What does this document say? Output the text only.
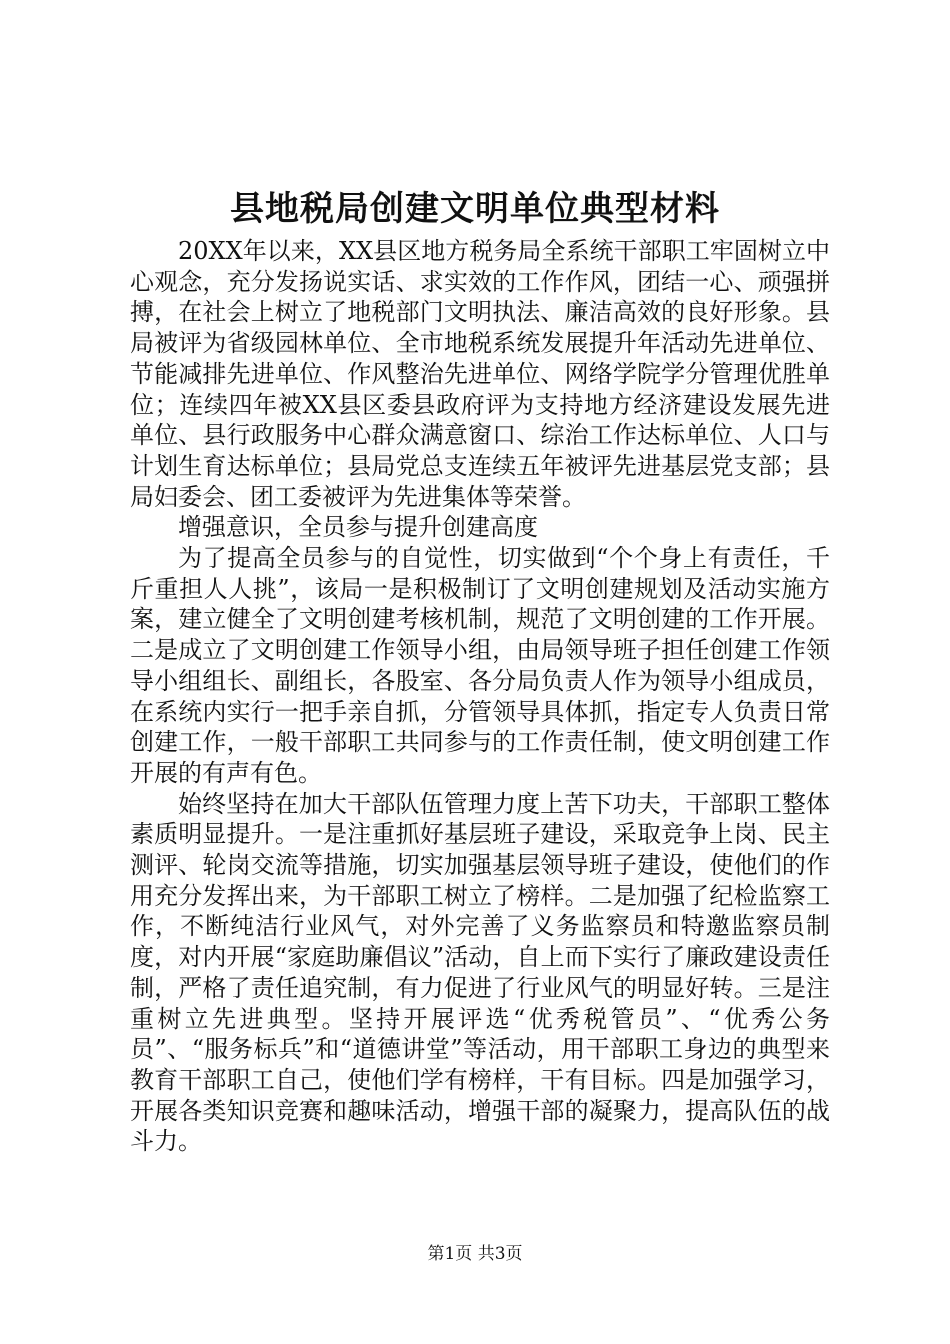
县地税局创建文明单位典型材料

20XX年以来，XX县区地方税务局全系统干部职工牢固树立中心观念，充分发扬说实话、求实效的工作作风，团结一心、顽强拼搏，在社会上树立了地税部门文明执法、廉洁高效的良好形象。县局被评为省级园林单位、全市地税系统发展提升年活动先进单位、节能减排先进单位、作风整治先进单位、网络学院学分管理优胜单位；连续四年被XX县区委县政府评为支持地方经济建设发展先进单位、县行政服务中心群众满意窗口、综治工作达标单位、人口与计划生育达标单位；县局党总支连续五年被评先进基层党支部；县局妇委会、团工委被评为先进集体等荣誉。

增强意识，全员参与提升创建高度

为了提高全员参与的自觉性，切实做到“个个身上有责任，千斤重担人人挑”，该局一是积极制订了文明创建规划及活动实施方案，建立健全了文明创建考核机制，规范了文明创建的工作开展。二是成立了文明创建工作领导小组，由局领导班子担任创建工作领导小组组长、副组长，各股室、各分局负责人作为领导小组成员，在系统内实行一把手亲自抓，分管领导具体抓，指定专人负责日常创建工作，一般干部职工共同参与的工作责任制，使文明创建工作开展的有声有色。

始终坚持在加大干部队伍管理力度上苦下功夫，干部职工整体素质明显提升。一是注重抓好基层班子建设，采取竞争上岗、民主测评、轮岗交流等措施，切实加强基层领导班子建设，使他们的作用充分发挥出来，为干部职工树立了榜样。二是加强了纪检监察工作，不断纯洁行业风气，对外完善了义务监察员和特邀监察员制度，对内开展“家庭助廉倡议”活动，自上而下实行了廉政建设责任制，严格了责任追究制，有力促进了行业风气的明显好转。三是注重树立先进典型。坚持开展评选“优秀税管员”、“优秀公务员”、“服务标兵”和“道德讲堂”等活动，用干部职工身边的典型来教育干部职工自己，使他们学有榜样，干有目标。四是加强学习，开展各类知识竞赛和趣味活动，增强干部的凝聚力，提高队伍的战斗力。

第1页 共3页
